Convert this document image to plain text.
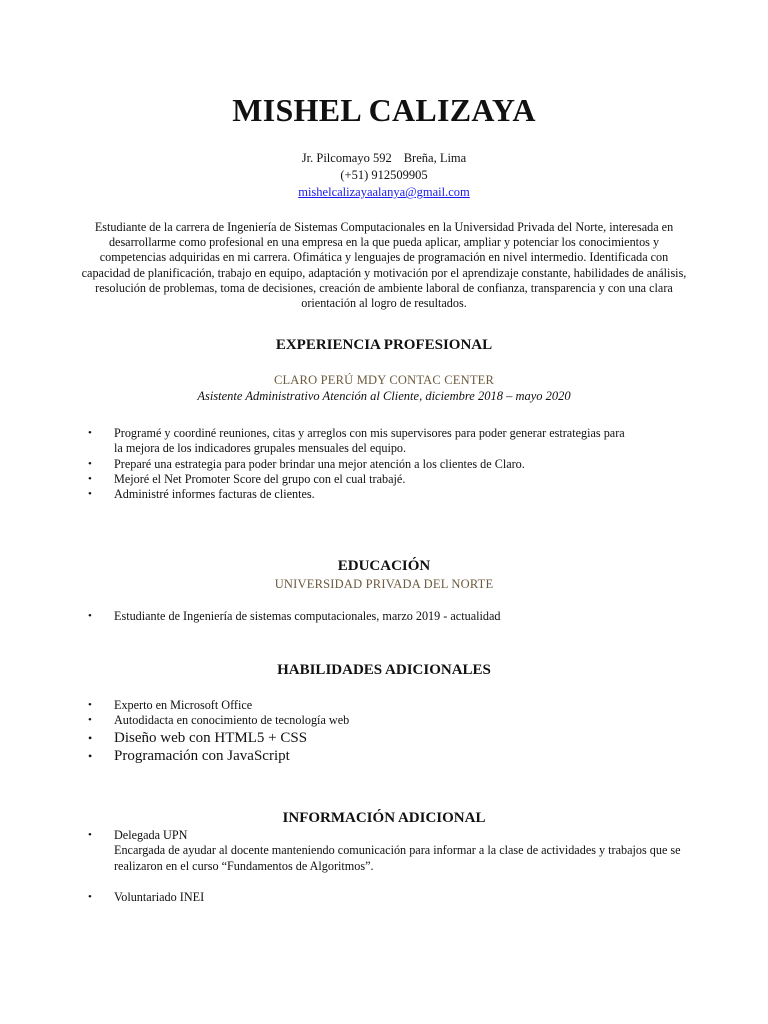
MISHEL CALIZAYA
Jr. Pilcomayo 592 Breña, Lima
(+51) 912509905
mishelcalizayaalanya@gmail.com
Estudiante de la carrera de Ingeniería de Sistemas Computacionales en la Universidad Privada del Norte, interesada en
desarrollarme como profesional en una empresa en la que pueda aplicar, ampliar y potenciar los conocimientos y
competencias adquiridas en mi carrera. Ofimática y lenguajes de programación en nivel intermedio. Identificada con
capacidad de planificación, trabajo en equipo, adaptación y motivación por el aprendizaje constante, habilidades de análisis,
resolución de problemas, toma de decisiones, creación de ambiente laboral de confianza, transparencia y con una clara
orientación al logro de resultados.
EXPERIENCIA PROFESIONAL
CLARO PERÚ MDY CONTAC CENTER
Asistente Administrativo Atención al Cliente, diciembre 2018 – mayo 2020
• Programé y coordiné reuniones, citas y arreglos con mis supervisores para poder generar estrategias para
la mejora de los indicadores grupales mensuales del equipo.
• Preparé una estrategia para poder brindar una mejor atención a los clientes de Claro.
• Mejoré el Net Promoter Score del grupo con el cual trabajé.
• Administré informes facturas de clientes.
EDUCACIÓN
UNIVERSIDAD PRIVADA DEL NORTE
• Estudiante de Ingeniería de sistemas computacionales, marzo 2019 - actualidad
HABILIDADES ADICIONALES
• Experto en Microsoft Office
• Autodidacta en conocimiento de tecnología web
• Diseño web con HTML5 + CSS
• Programación con JavaScript
INFORMACIÓN ADICIONAL
• Delegada UPN
Encargada de ayudar al docente manteniendo comunicación para informar a la clase de actividades y trabajos que se
realizaron en el curso “Fundamentos de Algoritmos”.
• Voluntariado INEI
